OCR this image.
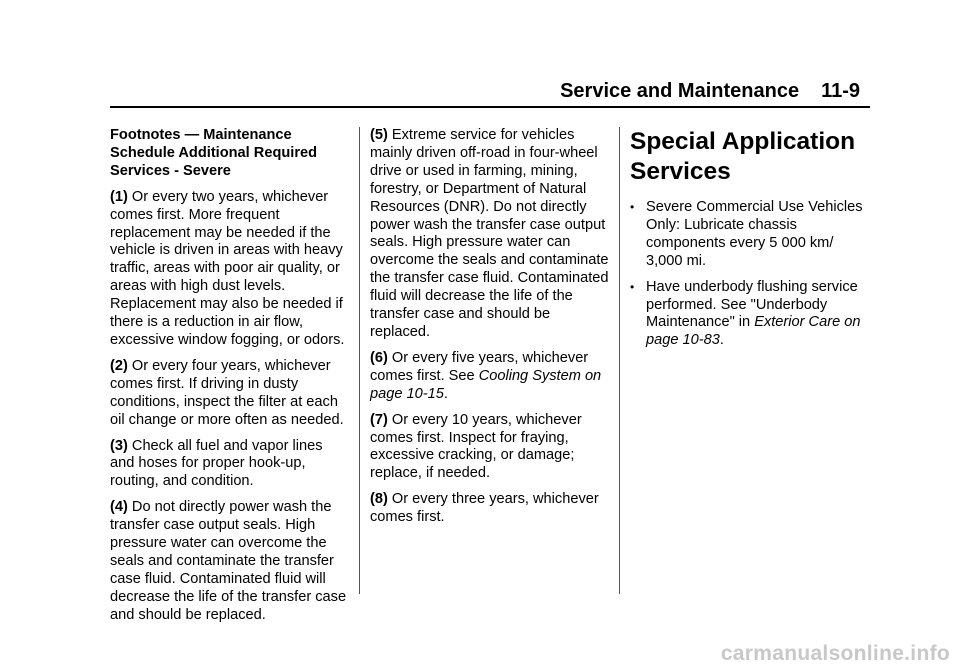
Service and Maintenance 11-9

Footnotes — Maintenance Schedule Additional Required Services - Severe

(1) Or every two years, whichever comes first. More frequent replacement may be needed if the vehicle is driven in areas with heavy traffic, areas with poor air quality, or areas with high dust levels. Replacement may also be needed if there is a reduction in air flow, excessive window fogging, or odors.

(2) Or every four years, whichever comes first. If driving in dusty conditions, inspect the filter at each oil change or more often as needed.

(3) Check all fuel and vapor lines and hoses for proper hook-up, routing, and condition.

(4) Do not directly power wash the transfer case output seals. High pressure water can overcome the seals and contaminate the transfer case fluid. Contaminated fluid will decrease the life of the transfer case and should be replaced.

(5) Extreme service for vehicles mainly driven off-road in four-wheel drive or used in farming, mining, forestry, or Department of Natural Resources (DNR). Do not directly power wash the transfer case output seals. High pressure water can overcome the seals and contaminate the transfer case fluid. Contaminated fluid will decrease the life of the transfer case and should be replaced.

(6) Or every five years, whichever comes first. See Cooling System on page 10-15.

(7) Or every 10 years, whichever comes first. Inspect for fraying, excessive cracking, or damage; replace, if needed.

(8) Or every three years, whichever comes first.

Special Application Services
• Severe Commercial Use Vehicles Only: Lubricate chassis components every 5 000 km/ 3,000 mi.
• Have underbody flushing service performed. See "Underbody Maintenance" in Exterior Care on page 10-83.
carmanualsonline.info
